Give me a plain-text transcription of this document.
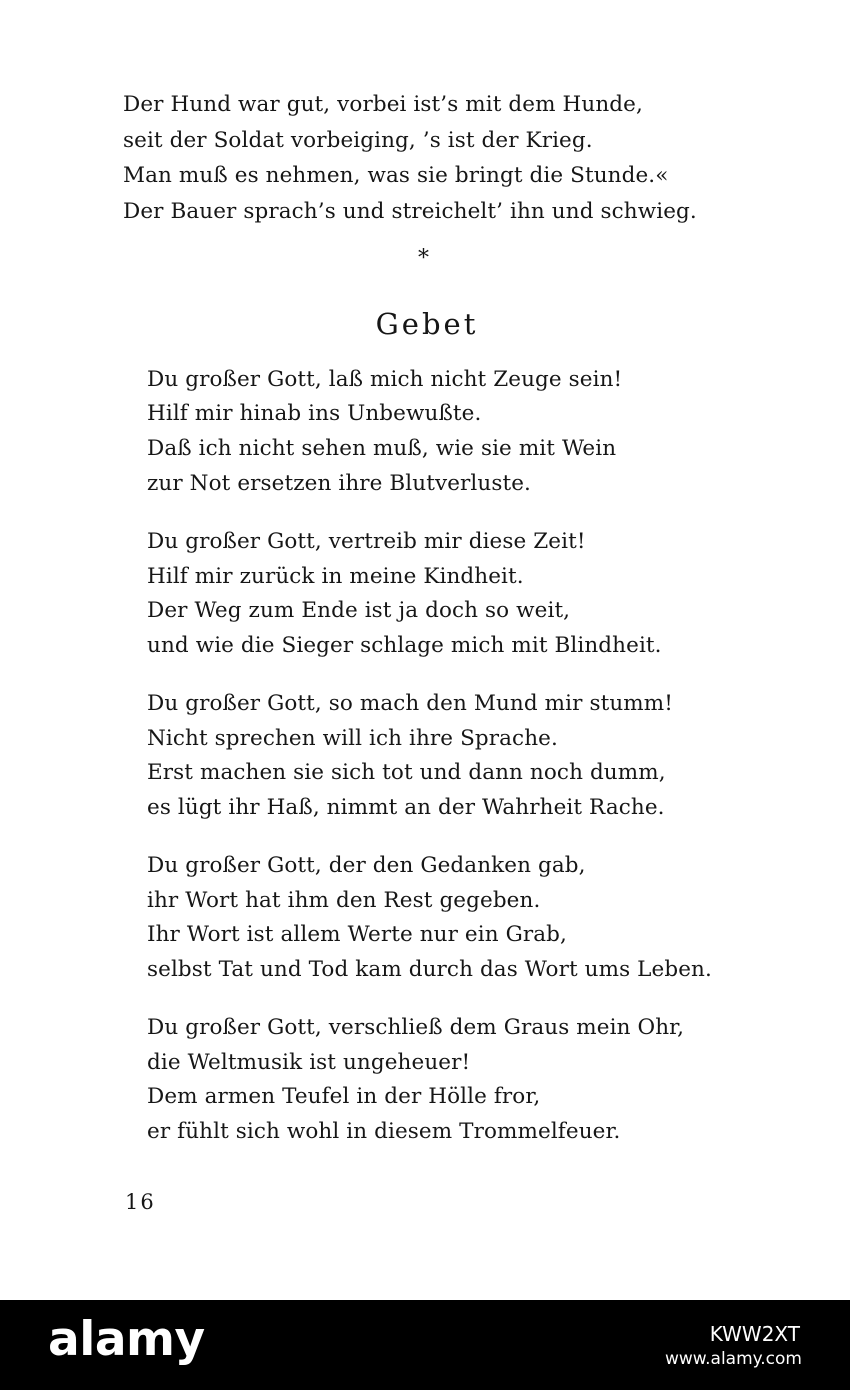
Der Hund war gut, vorbei ist’s mit dem Hunde,
seit der Soldat vorbeiging, ’s ist der Krieg.
Man muß es nehmen, was sie bringt die Stunde.«
Der Bauer sprach’s und streichelt’ ihn und schwieg.
*
Gebet
Du großer Gott, laß mich nicht Zeuge sein!
Hilf mir hinab ins Unbewußte.
Daß ich nicht sehen muß, wie sie mit Wein
zur Not ersetzen ihre Blutverluste.
Du großer Gott, vertreib mir diese Zeit!
Hilf mir zurück in meine Kindheit.
Der Weg zum Ende ist ja doch so weit,
und wie die Sieger schlage mich mit Blindheit.
Du großer Gott, so mach den Mund mir stumm!
Nicht sprechen will ich ihre Sprache.
Erst machen sie sich tot und dann noch dumm,
es lügt ihr Haß, nimmt an der Wahrheit Rache.
Du großer Gott, der den Gedanken gab,
ihr Wort hat ihm den Rest gegeben.
Ihr Wort ist allem Werte nur ein Grab,
selbst Tat und Tod kam durch das Wort ums Leben.
Du großer Gott, verschließ dem Graus mein Ohr,
die Weltmusik ist ungeheuer!
Dem armen Teufel in der Hölle fror,
er fühlt sich wohl in diesem Trommelfeuer.
16
alamy	KWW2XT
www.alamy.com
